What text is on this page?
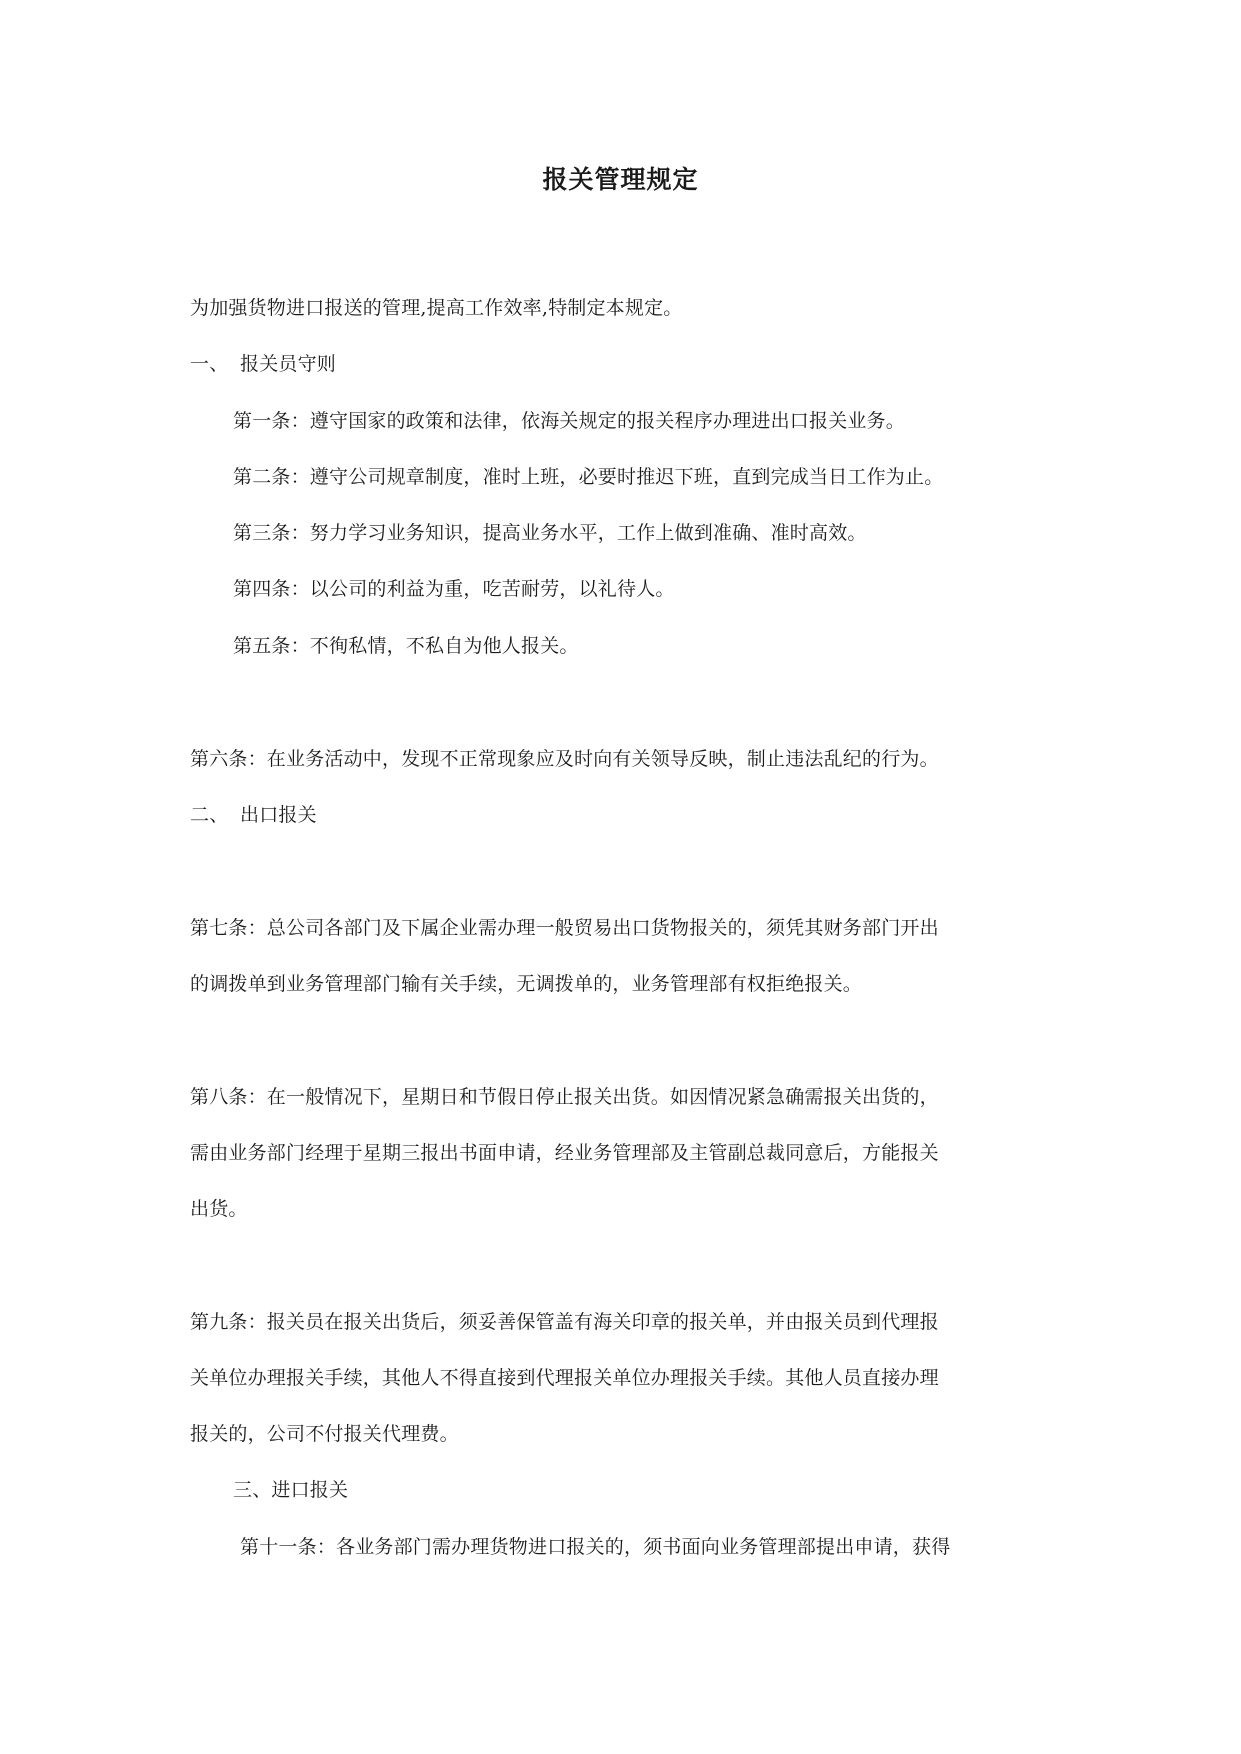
报关管理规定
为加强货物进口报送的管理,提高工作效率,特制定本规定。
一、 报关员守则
第一条：遵守国家的政策和法律，依海关规定的报关程序办理进出口报关业务。
第二条：遵守公司规章制度，准时上班，必要时推迟下班，直到完成当日工作为止。
第三条：努力学习业务知识，提高业务水平，工作上做到准确、准时高效。
第四条：以公司的利益为重，吃苦耐劳，以礼待人。
第五条：不徇私情，不私自为他人报关。
第六条：在业务活动中，发现不正常现象应及时向有关领导反映，制止违法乱纪的行为。
二、 出口报关
第七条：总公司各部门及下属企业需办理一般贸易出口货物报关的，须凭其财务部门开出
的调拨单到业务管理部门输有关手续，无调拨单的，业务管理部有权拒绝报关。
第八条：在一般情况下，星期日和节假日停止报关出货。如因情况紧急确需报关出货的，
需由业务部门经理于星期三报出书面申请，经业务管理部及主管副总裁同意后，方能报关
出货。
第九条：报关员在报关出货后，须妥善保管盖有海关印章的报关单，并由报关员到代理报
关单位办理报关手续，其他人不得直接到代理报关单位办理报关手续。其他人员直接办理
报关的，公司不付报关代理费。
三、进口报关
第十一条：各业务部门需办理货物进口报关的，须书面向业务管理部提出申请，获得
